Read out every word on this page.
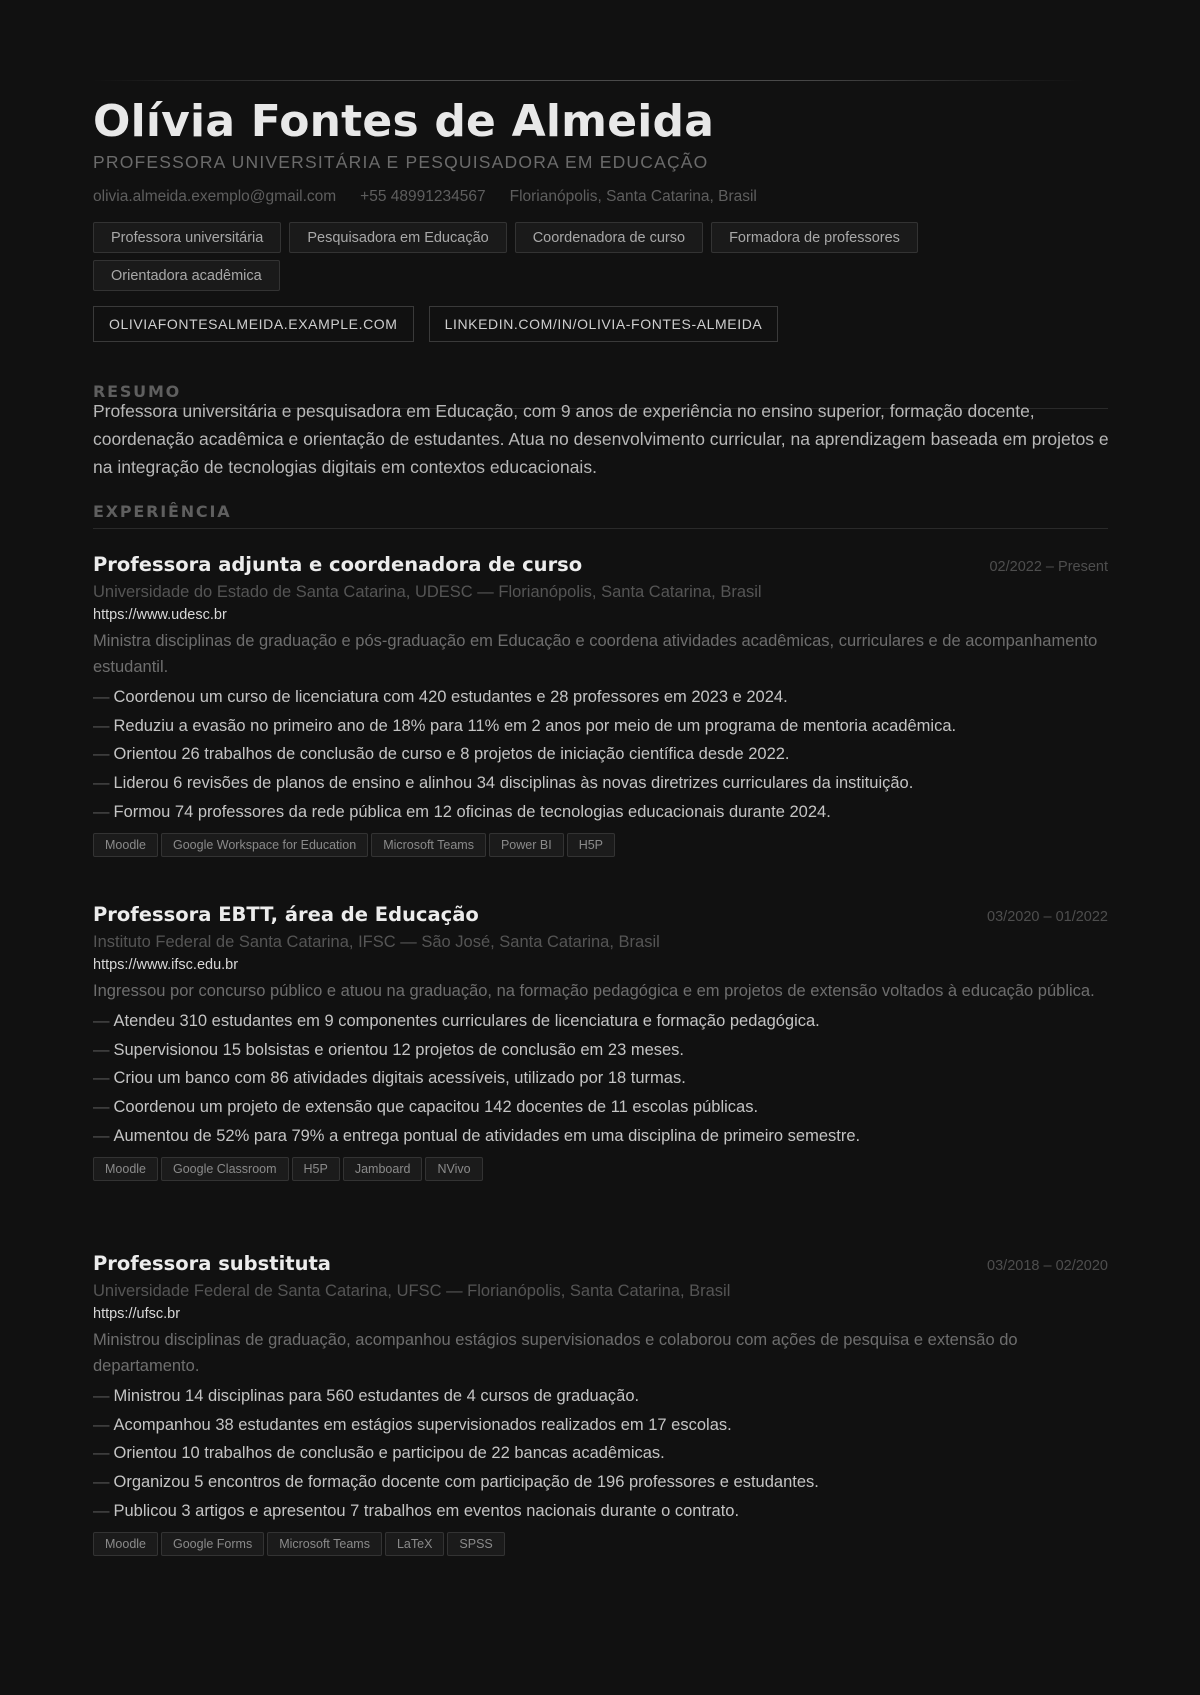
Olívia Fontes de Almeida
PROFESSORA UNIVERSITÁRIA E PESQUISADORA EM EDUCAÇÃO
olivia.almeida.exemplo@gmail.com +55 48991234567 Florianópolis, Santa Catarina, Brasil
Professora universitária	Pesquisadora em Educação	Coordenadora de curso	Formadora de professores
Orientadora acadêmica
OLIVIAFONTESALMEIDA.EXAMPLE.COM	LINKEDIN.COM/IN/OLIVIA-FONTES-ALMEIDA
RESUMO

Professora universitária e pesquisadora em Educação, com 9 anos de experiência no ensino superior, formação docente, coordenação acadêmica e orientação de estudantes. Atua no desenvolvimento curricular, na aprendizagem baseada em projetos e na integração de tecnologias digitais em contextos educacionais.

EXPERIÊNCIA
Professora adjunta e coordenadora de curso	02/2022 – Present
Universidade do Estado de Santa Catarina, UDESC — Florianópolis, Santa Catarina, Brasil
https://www.udesc.br

Ministra disciplinas de graduação e pós-graduação em Educação e coordena atividades acadêmicas, curriculares e de acompanhamento estudantil.

— Coordenou um curso de licenciatura com 420 estudantes e 28 professores em 2023 e 2024.
— Reduziu a evasão no primeiro ano de 18% para 11% em 2 anos por meio de um programa de mentoria acadêmica.
— Orientou 26 trabalhos de conclusão de curso e 8 projetos de iniciação científica desde 2022.
— Liderou 6 revisões de planos de ensino e alinhou 34 disciplinas às novas diretrizes curriculares da instituição.
— Formou 74 professores da rede pública em 12 oficinas de tecnologias educacionais durante 2024.
Moodle	Google Workspace for Education	Microsoft Teams	Power BI	H5P
Professora EBTT, área de Educação	03/2020 – 01/2022
Instituto Federal de Santa Catarina, IFSC — São José, Santa Catarina, Brasil
https://www.ifsc.edu.br

Ingressou por concurso público e atuou na graduação, na formação pedagógica e em projetos de extensão voltados à educação pública.

— Atendeu 310 estudantes em 9 componentes curriculares de licenciatura e formação pedagógica.
— Supervisionou 15 bolsistas e orientou 12 projetos de conclusão em 23 meses.
— Criou um banco com 86 atividades digitais acessíveis, utilizado por 18 turmas.
— Coordenou um projeto de extensão que capacitou 142 docentes de 11 escolas públicas.
— Aumentou de 52% para 79% a entrega pontual de atividades em uma disciplina de primeiro semestre.
Moodle	Google Classroom	H5P	Jamboard	NVivo
Professora substituta	03/2018 – 02/2020
Universidade Federal de Santa Catarina, UFSC — Florianópolis, Santa Catarina, Brasil
https://ufsc.br

Ministrou disciplinas de graduação, acompanhou estágios supervisionados e colaborou com ações de pesquisa e extensão do departamento.

— Ministrou 14 disciplinas para 560 estudantes de 4 cursos de graduação.
— Acompanhou 38 estudantes em estágios supervisionados realizados em 17 escolas.
— Orientou 10 trabalhos de conclusão e participou de 22 bancas acadêmicas.
— Organizou 5 encontros de formação docente com participação de 196 professores e estudantes.
— Publicou 3 artigos e apresentou 7 trabalhos em eventos nacionais durante o contrato.
Moodle	Google Forms	Microsoft Teams	LaTeX	SPSS
